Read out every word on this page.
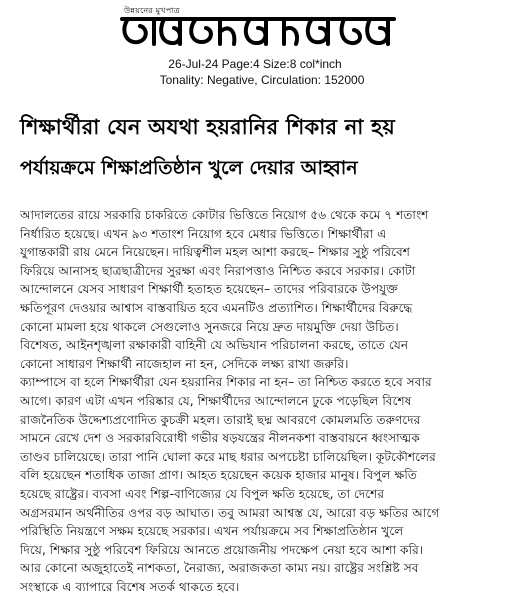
উন্নয়নের মুখপাত্র
26-Jul-24 Page:4 Size:8 col*inch
Tonality: Negative, Circulation: 152000
শিক্ষার্থীরা যেন অযথা হয়রানির শিকার না হয়
পর্যায়ক্রমে শিক্ষাপ্রতিষ্ঠান খুলে দেয়ার আহ্বান
আদালতের রায়ে সরকারি চাকরিতে কোটার ভিত্তিতে নিয়োগ ৫৬ থেকে কমে ৭ শতাংশ
নির্ধারিত হয়েছে। এখন ৯৩ শতাংশ নিয়োগ হবে মেধার ভিত্তিতে। শিক্ষার্থীরা এ
যুগান্তকারী রায় মেনে নিয়েছেন। দায়িত্বশীল মহল আশা করছে– শিক্ষার সুষ্ঠু পরিবেশ
ফিরিয়ে আনাসহ ছাত্রছাত্রীদের সুরক্ষা এবং নিরাপত্তাও নিশ্চিত করবে সরকার। কোটা
আন্দোলনে যেসব সাধারণ শিক্ষার্থী হতাহত হয়েছেন– তাদের পরিবারকে উপযুক্ত
ক্ষতিপূরণ দেওয়ার আশ্বাস বাস্তবায়িত হবে এমনটিও প্রত্যাশিত। শিক্ষার্থীদের বিরুদ্ধে
কোনো মামলা হয়ে থাকলে সেগুলোও সুনজরে নিয়ে দ্রুত দায়মুক্তি দেয়া উচিত।
বিশেষত, আইনশৃঙ্খলা রক্ষাকারী বাহিনী যে অভিযান পরিচালনা করছে, তাতে যেন
কোনো সাধারণ শিক্ষার্থী নাজেহাল না হন, সেদিকে লক্ষ্য রাখা জরুরি।
ক্যাম্পাসে বা হলে শিক্ষার্থীরা যেন হয়রানির শিকার না হন– তা নিশ্চিত করতে হবে সবার
আগে। কারণ এটা এখন পরিষ্কার যে, শিক্ষার্থীদের আন্দোলনে ঢুকে পড়েছিল বিশেষ
রাজনৈতিক উদ্দেশ্যপ্রণোদিত কুচক্রী মহল। তারাই ছদ্ম আবরণে কোমলমতি তরুণদের
সামনে রেখে দেশ ও সরকারবিরোধী গভীর ষড়যন্ত্রের নীলনকশা বাস্তবায়নে ধ্বংসাত্মক
তাণ্ডব চালিয়েছে। তারা পানি ঘোলা করে মাছ ধরার অপচেষ্টা চালিয়েছিল। কূটকৌশলের
বলি হয়েছেন শতাধিক তাজা প্রাণ। আহত হয়েছেন কয়েক হাজার মানুষ। বিপুল ক্ষতি
হয়েছে রাষ্ট্রের। ব্যবসা এবং শিল্প-বাণিজ্যের যে বিপুল ক্ষতি হয়েছে, তা দেশের
অগ্রসরমান অর্থনীতির ওপর বড় আঘাত। তবু আমরা আশ্বস্ত যে, আরো বড় ক্ষতির আগে
পরিস্থিতি নিয়ন্ত্রণে সক্ষম হয়েছে সরকার। এখন পর্যায়ক্রমে সব শিক্ষাপ্রতিষ্ঠান খুলে
দিয়ে, শিক্ষার সুষ্ঠু পরিবেশ ফিরিয়ে আনতে প্রয়োজনীয় পদক্ষেপ নেয়া হবে আশা করি।
আর কোনো অজুহাতেই নাশকতা, নৈরাজ্য, অরাজকতা কাম্য নয়। রাষ্ট্রের সংশ্লিষ্ট সব
সংস্থাকে এ ব্যাপারে বিশেষ সতর্ক থাকতে হবে।
